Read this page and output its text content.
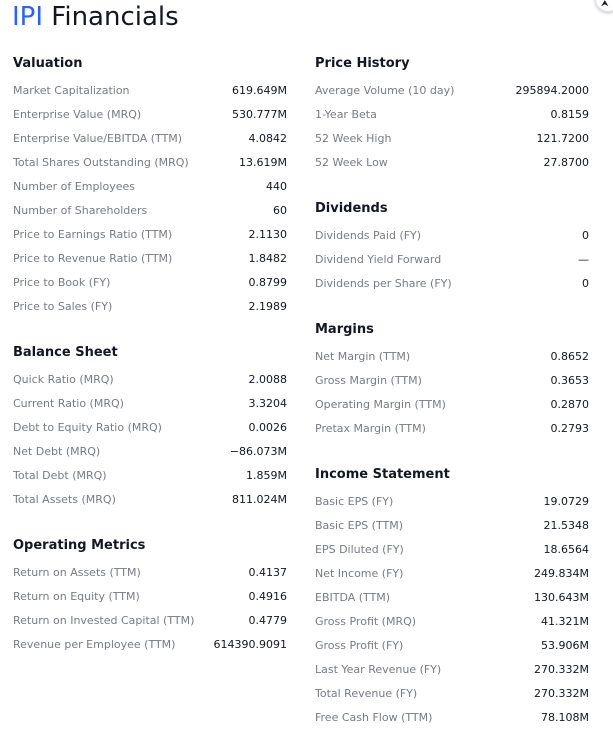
IPI Financials	⮝
Valuation
Market Capitalization	619.649M
Enterprise Value (MRQ)	530.777M
Enterprise Value/EBITDA (TTM)	4.0842
Total Shares Outstanding (MRQ)	13.619M
Number of Employees	440
Number of Shareholders	60
Price to Earnings Ratio (TTM)	2.1130
Price to Revenue Ratio (TTM)	1.8482
Price to Book (FY)	0.8799
Price to Sales (FY)	2.1989
Balance Sheet
Quick Ratio (MRQ)	2.0088
Current Ratio (MRQ)	3.3204
Debt to Equity Ratio (MRQ)	0.0026
Net Debt (MRQ)	−86.073M
Total Debt (MRQ)	1.859M
Total Assets (MRQ)	811.024M
Operating Metrics
Return on Assets (TTM)	0.4137
Return on Equity (TTM)	0.4916
Return on Invested Capital (TTM)	0.4779
Revenue per Employee (TTM)	614390.9091
Price History
Average Volume (10 day)	295894.2000
1-Year Beta	0.8159
52 Week High	121.7200
52 Week Low	27.8700
Dividends
Dividends Paid (FY)	0
Dividend Yield Forward	—
Dividends per Share (FY)	0
Margins
Net Margin (TTM)	0.8652
Gross Margin (TTM)	0.3653
Operating Margin (TTM)	0.2870
Pretax Margin (TTM)	0.2793
Income Statement
Basic EPS (FY)	19.0729
Basic EPS (TTM)	21.5348
EPS Diluted (FY)	18.6564
Net Income (FY)	249.834M
EBITDA (TTM)	130.643M
Gross Profit (MRQ)	41.321M
Gross Profit (FY)	53.906M
Last Year Revenue (FY)	270.332M
Total Revenue (FY)	270.332M
Free Cash Flow (TTM)	78.108M
